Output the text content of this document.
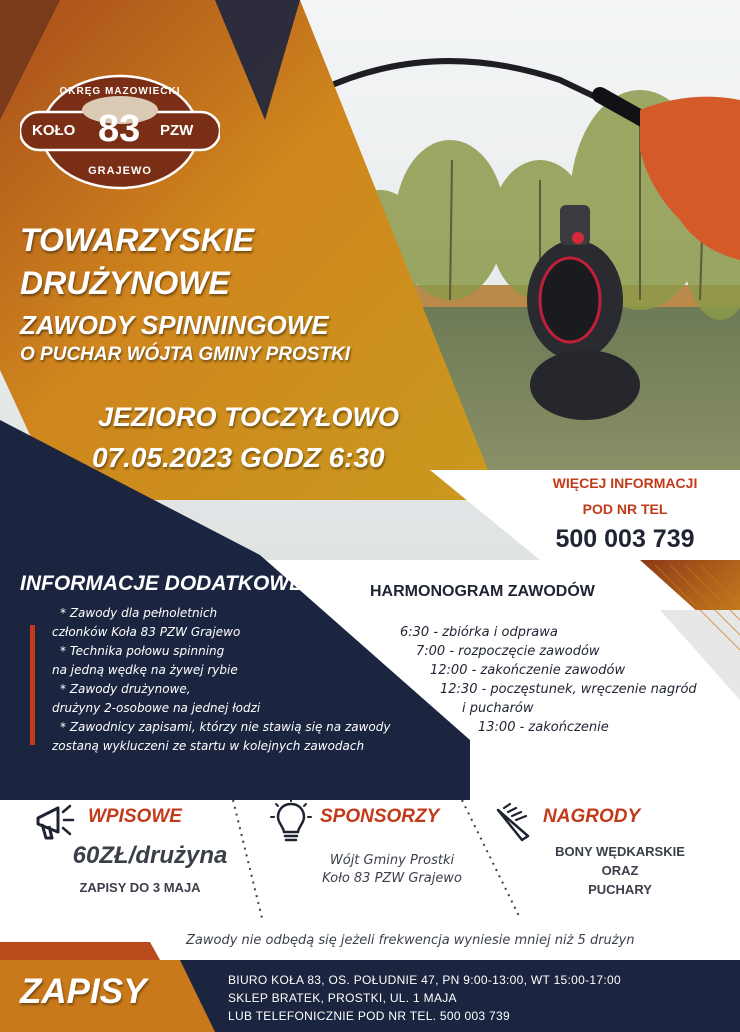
OKRĘG MAZOWIECKI
KOŁO 83 PZW
GRAJEWO
TOWARZYSKIE
DRUŻYNOWE
ZAWODY SPINNINGOWE
O PUCHAR WÓJTA GMINY PROSTKI
JEZIORO TOCZYŁOWO
07.05.2023 GODZ 6:30
WIĘCEJ INFORMACJI
POD NR TEL
500 003 739
INFORMACJE DODATKOWE
* Zawody dla pełnoletnich
członków Koła 83 PZW Grajewo
* Technika połowu spinning
na jedną wędkę na żywej rybie
* Zawody drużynowe,
drużyny 2-osobowe na jednej łodzi
* Zawodnicy zapisami, którzy nie stawią się na zawody
zostaną wykluczeni ze startu w kolejnych zawodach
HARMONOGRAM ZAWODÓW
6:30 - zbiórka i odprawa
7:00 - rozpoczęcie zawodów
12:00 - zakończenie zawodów
12:30 - poczęstunek, wręczenie nagród
i pucharów
13:00 - zakończenie
WPISOWE
60ZŁ/drużyna
ZAPISY DO 3 MAJA
SPONSORZY
Wójt Gminy Prostki
Koło 83 PZW Grajewo
NAGRODY
BONY WĘDKARSKIE
ORAZ
PUCHARY
Zawody nie odbędą się jeżeli frekwencja wyniesie mniej niż 5 drużyn
ZAPISY	BIURO KOŁA 83, OS. POŁUDNIE 47, PN 9:00-13:00, WT 15:00-17:00
SKLEP BRATEK, PROSTKI, UL. 1 MAJA
LUB TELEFONICZNIE POD NR TEL. 500 003 739
